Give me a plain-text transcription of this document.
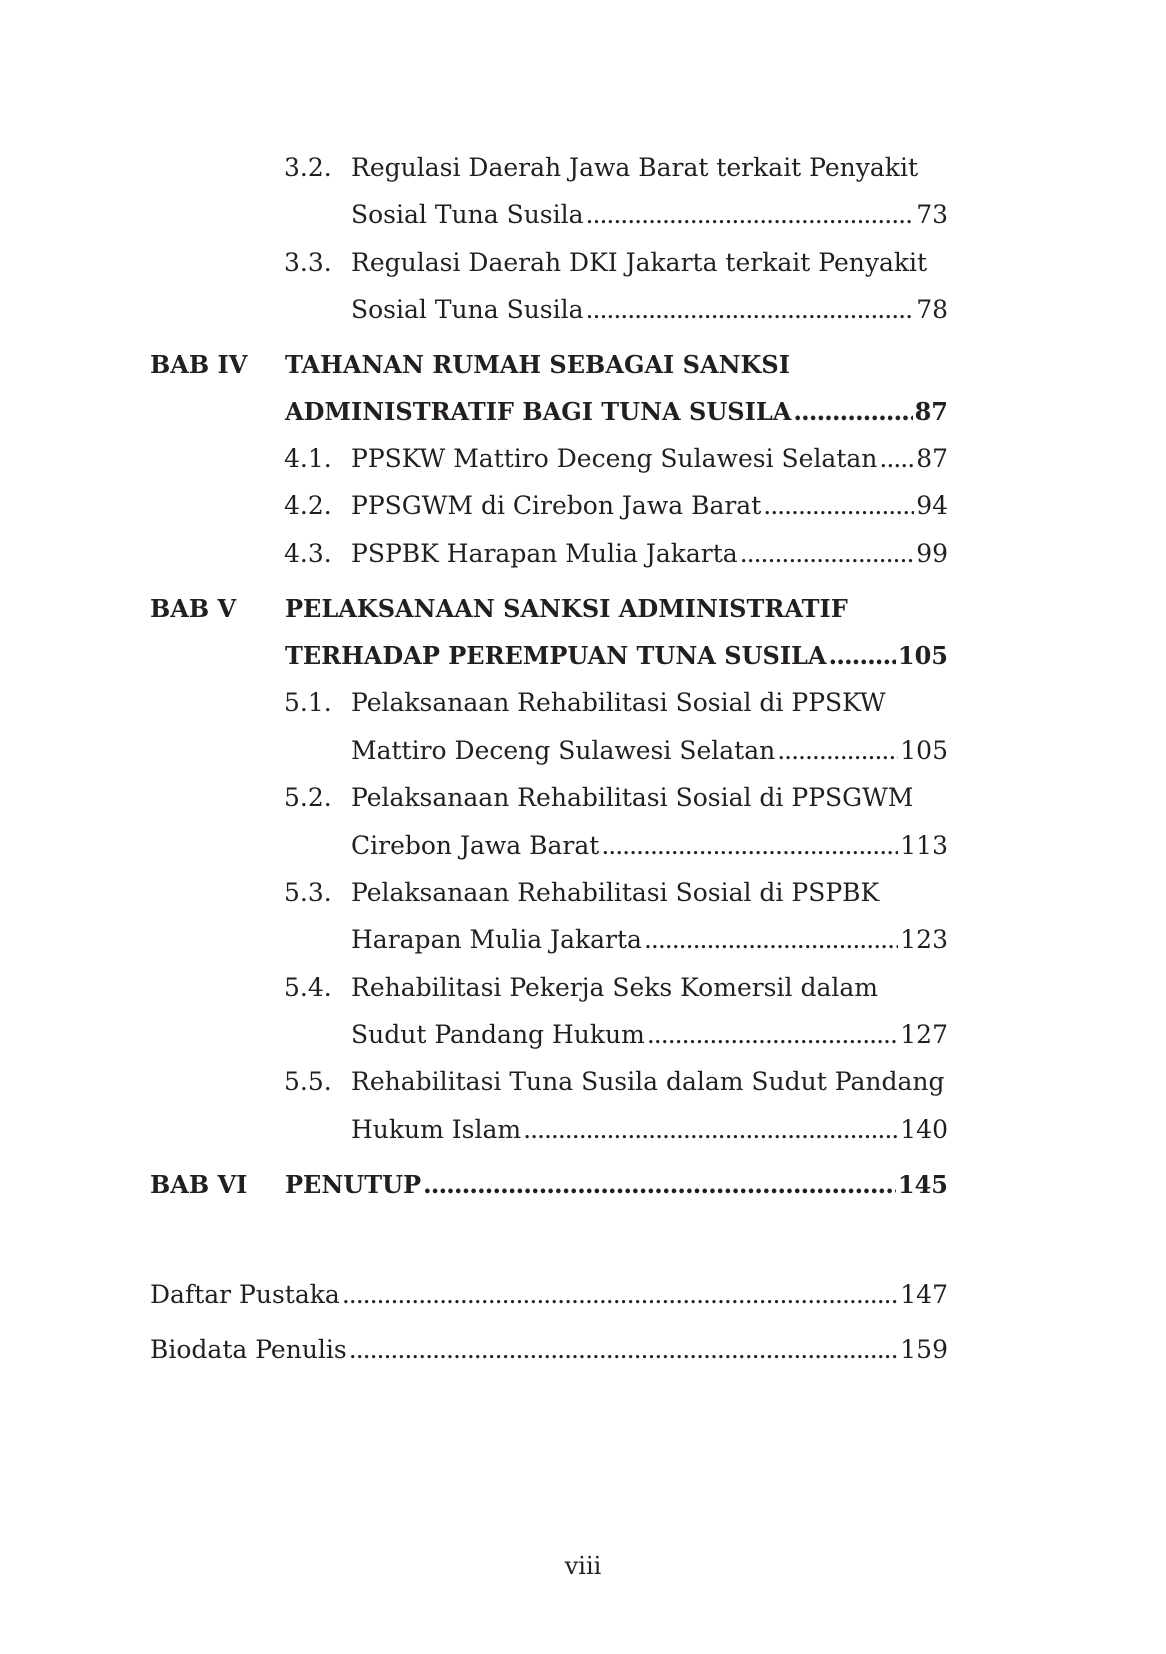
3.2. Regulasi Daerah Jawa Barat terkait Penyakit
Sosial Tuna Susila .....	73
3.3. Regulasi Daerah DKI Jakarta terkait Penyakit
Sosial Tuna Susila .....	78
BAB IV TAHANAN RUMAH SEBAGAI SANKSI
ADMINISTRATIF BAGI TUNA SUSILA .....	87
4.1. PPSKW Mattiro Deceng Sulawesi Selatan ..... 87
4.2. PPSGWM di Cirebon Jawa Barat .....	94
4.3. PSPBK Harapan Mulia Jakarta .....	99
BAB V PELAKSANAAN SANKSI ADMINISTRATIF
TERHADAP PEREMPUAN TUNA SUSILA .....	105
5.1. Pelaksanaan Rehabilitasi Sosial di PPSKW
Mattiro Deceng Sulawesi Selatan .....	105
5.2. Pelaksanaan Rehabilitasi Sosial di PPSGWM
Cirebon Jawa Barat .....	113
5.3. Pelaksanaan Rehabilitasi Sosial di PSPBK
Harapan Mulia Jakarta .....	123
5.4. Rehabilitasi Pekerja Seks Komersil dalam
Sudut Pandang Hukum .....	127
5.5. Rehabilitasi Tuna Susila dalam Sudut Pandang
Hukum Islam .....	140
BAB VI PENUTUP .....	145
Daftar Pustaka .....	147
Biodata Penulis .....	159
viii
